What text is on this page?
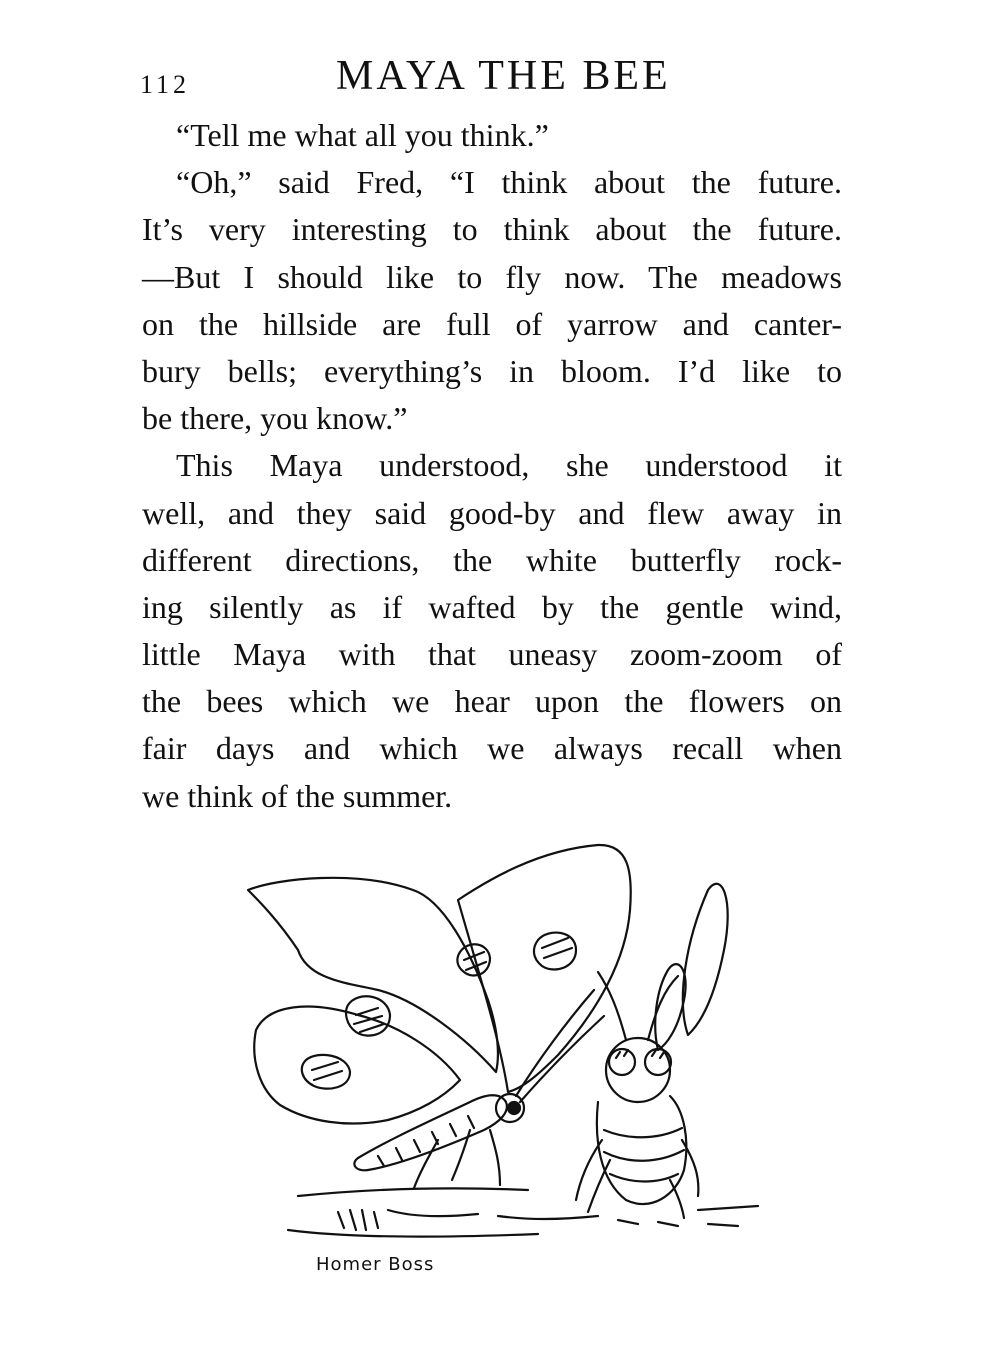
112	MAYA THE BEE
“Tell me what all you think.”
“Oh,” said Fred, “I think about the future.
It’s very interesting to think about the future.
—But I should like to fly now. The meadows
on the hillside are full of yarrow and canter-
bury bells; everything’s in bloom. I’d like to
be there, you know.”
This Maya understood, she understood it
well, and they said good-by and flew away in
different directions, the white butterfly rock-
ing silently as if wafted by the gentle wind,
little Maya with that uneasy zoom-zoom of
the bees which we hear upon the flowers on
fair days and which we always recall when
we think of the summer.
Homer Boss
